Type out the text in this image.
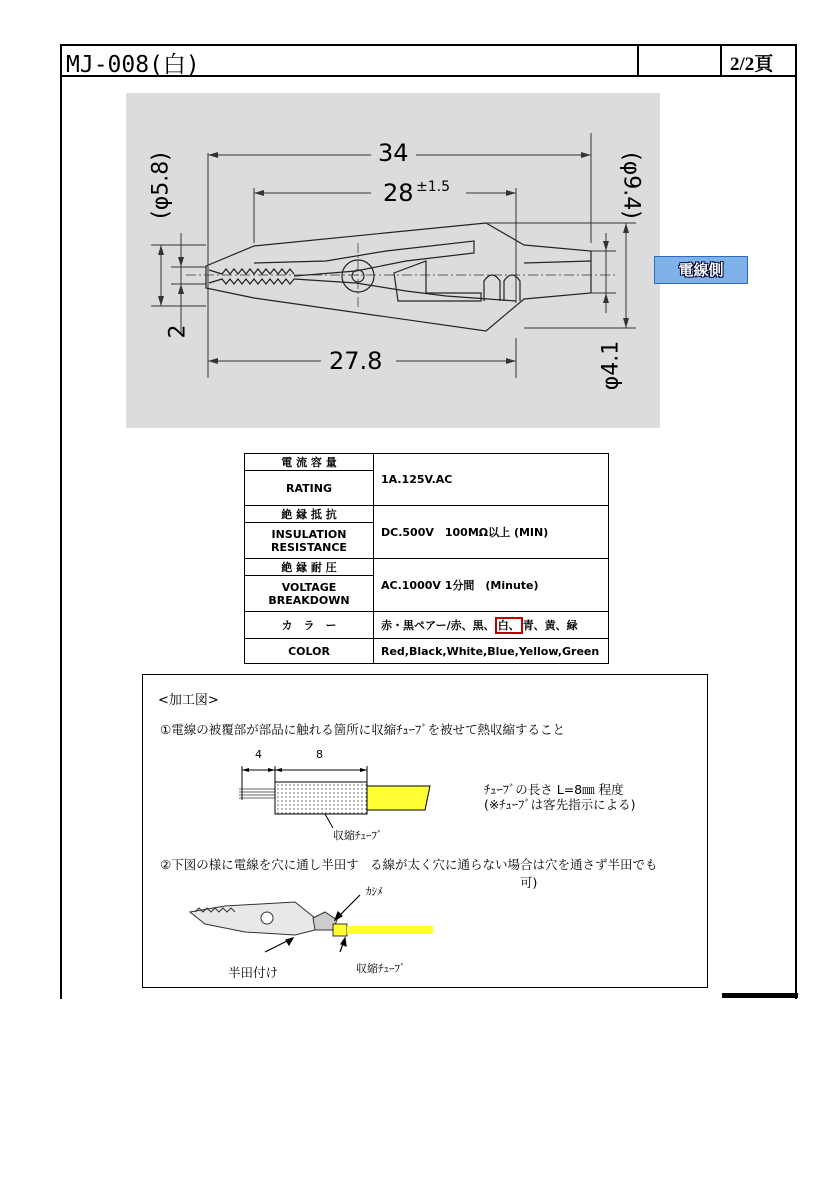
MJ-008(白)	2/2頁
34
28 ±1.5
27.8
(φ5.8)	(φ9.4)
2
φ4.1
電線側
電 流 容 量	1A.125V.AC
RATING	
絶 縁 抵 抗	DC.500V　100MΩ以上 (MIN)
INSULATION
RESISTANCE	
絶 縁 耐 圧	AC.1000V 1分間　(Minute)
VOLTAGE
BREAKDOWN	
カ　ラ　ー	赤・黒ペアー/赤、黒、 白、 青、黄、緑
COLOR	Red,Black,White,Blue,Yellow,Green
<加工図>
①電線の被覆部が部品に触れる箇所に収縮ﾁｭｰﾌﾞを被せて熱収縮すること
4	8
収縮ﾁｭｰﾌﾞ
ﾁｭｰﾌﾞの長さ L=8㎜ 程度
(※ﾁｭｰﾌﾞは客先指示による)
②下図の様に電線を穴に通し半田す る線が太く穴に通らない場合は穴を通さず半田でも
可)
ｶｼﾒ
半田付け	収縮ﾁｭｰﾌﾞ
